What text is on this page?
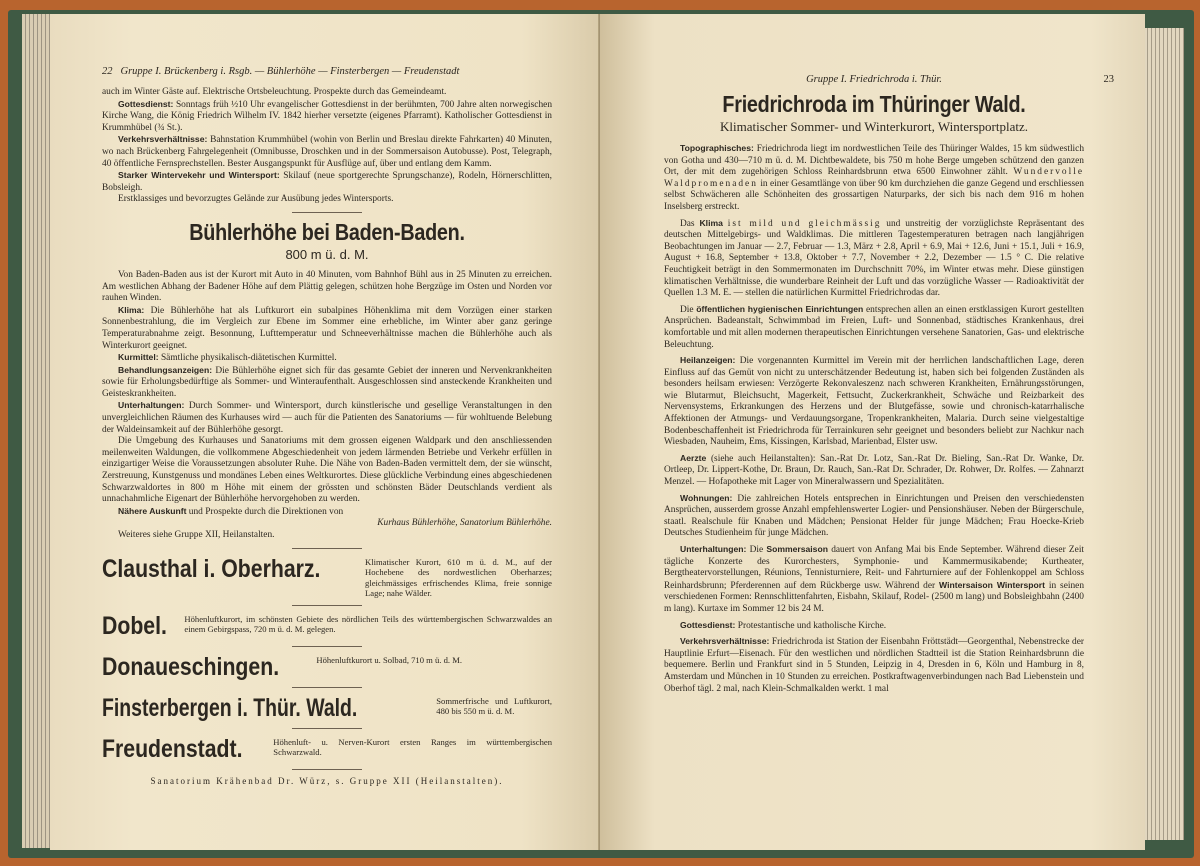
22 Gruppe I. Brückenberg i. Rsgb. — Bühlerhöhe — Finsterbergen — Freudenstadt

auch im Winter Gäste auf. Elektrische Ortsbeleuchtung. Prospekte durch das Gemeindeamt.

Gottesdienst: Sonntags früh ½10 Uhr evangelischer Gottesdienst in der berühmten, 700 Jahre alten norwegischen Kirche Wang, die König Friedrich Wilhelm IV. 1842 hierher versetzte (eigenes Pfarramt). Katholischer Gottesdienst in Krummhübel (¾ St.).

Verkehrsverhältnisse: Bahnstation Krummhübel (wohin von Berlin und Breslau direkte Fahrkarten) 40 Minuten, wo nach Brückenberg Fahrgelegenheit (Omnibusse, Droschken und in der Sommersaison Autobusse). Post, Telegraph, 40 öffentliche Fernsprechstellen. Bester Ausgangspunkt für Ausflüge auf, über und entlang dem Kamm.

Starker Wintervekehr und Wintersport: Skilauf (neue sportgerechte Sprungschanze), Rodeln, Hörnerschlitten, Bobsleigh.

Erstklassiges und bevorzugtes Gelände zur Ausübung jedes Wintersports.

Bühlerhöhe bei Baden-Baden.
800 m ü. d. M.

Von Baden-Baden aus ist der Kurort mit Auto in 40 Minuten, vom Bahnhof Bühl aus in 25 Minuten zu erreichen. Am westlichen Abhang der Badener Höhe auf dem Plättig gelegen, schützen hohe Bergzüge im Osten und Norden vor rauhen Winden.

Klima: Die Bühlerhöhe hat als Luftkurort ein subalpines Höhenklima mit dem Vorzügen einer starken Sonnenbestrahlung, die im Vergleich zur Ebene im Sommer eine erhebliche, im Winter aber ganz geringe Temperaturabnahme zeigt. Besonnung, Lufttemperatur und Schneeverhältnisse machen die Bühlerhöhe auch als Winterkurort geeignet.

Kurmittel: Sämtliche physikalisch-diätetischen Kurmittel.

Behandlungsanzeigen: Die Bühlerhöhe eignet sich für das gesamte Gebiet der inneren und Nervenkrankheiten sowie für Erholungsbedürftige als Sommer- und Winteraufenthalt. Ausgeschlossen sind ansteckende Krankheiten und Geisteskrankheiten.

Unterhaltungen: Durch Sommer- und Wintersport, durch künstlerische und gesellige Veranstaltungen in den unvergleichlichen Räumen des Kurhauses wird — auch für die Patienten des Sanatoriums — für wohltuende Belebung der Waldeinsamkeit auf der Bühlerhöhe gesorgt.

Die Umgebung des Kurhauses und Sanatoriums mit dem grossen eigenen Waldpark und den anschliessenden meilenweiten Waldungen, die vollkommene Abgeschiedenheit von jedem lärmenden Betriebe und Verkehr erfüllen in einzigartiger Weise die Voraussetzungen absoluter Ruhe. Die Nähe von Baden-Baden vermittelt dem, der sie wünscht, Zerstreuung, Kunstgenuss und mondänes Leben eines Weltkurortes. Diese glückliche Verbindung eines abgeschiedenen Schwarzwaldortes in 800 m Höhe mit einem der grössten und schönsten Bäder Deutschlands verdient als unnachahmliche Eigenart der Bühlerhöhe hervorgehoben zu werden.

Nähere Auskunft und Prospekte durch die Direktionen von

Kurhaus Bühlerhöhe, Sanatorium Bühlerhöhe.

Weiteres siehe Gruppe XII, Heilanstalten.

Clausthal i. Oberharz.	Klimatischer Kurort, 610 m ü. d. M., auf der Hochebene des nordwestlichen Oberharzes; gleichmässiges erfrischendes Klima, freie sonnige Lage; nahe Wälder.
Dobel. Höhenluftkurort, im schönsten Gebiete des nördlichen Teils des württembergischen Schwarzwaldes an einem Gebirgspass, 720 m ü. d. M. gelegen.
Donaueschingen.	Höhenluftkurort u. Solbad, 710 m ü. d. M.
Finsterbergen i. Thür. Wald.	Sommerfrische und Luftkurort, 480 bis 550 m ü. d. M.
Freudenstadt.	Höhenluft- u. Nerven-Kurort ersten Ranges im württembergischen Schwarzwald.

Sanatorium Krähenbad Dr. Würz, s. Gruppe XII (Heilanstalten).

Gruppe I. Friedrichroda i. Thür.	23
Friedrichroda im Thüringer Wald.
Klimatischer Sommer- und Winterkurort, Wintersportplatz.

Topographisches: Friedrichroda liegt im nordwestlichen Teile des Thüringer Waldes, 15 km südwestlich von Gotha und 430—710 m ü. d. M. Dichtbewaldete, bis 750 m hohe Berge umgeben schützend den ganzen Ort, der mit dem zugehörigen Schloss Reinhardsbrunn etwa 6500 Einwohner zählt. Wundervolle Waldpromenaden in einer Gesamtlänge von über 90 km durchziehen die ganze Gegend und erschliessen selbst Schwächeren alle Schönheiten des grossartigen Naturparks, der sich bis nach dem 916 m hohen Inselsberg erstreckt.

Das Klima ist mild und gleichmässig und unstreitig der vorzüglichste Repräsentant des deutschen Mittelgebirgs- und Waldklimas. Die mittleren Tagestemperaturen betragen nach langjährigen Beobachtungen im Januar — 2.7, Februar — 1.3, März + 2.8, April + 6.9, Mai + 12.6, Juni + 15.1, Juli + 16.9, August + 16.8, September + 13.8, Oktober + 7.7, November + 2.2, Dezember — 1.5 ° C. Die relative Feuchtigkeit beträgt in den Sommermonaten im Durchschnitt 70%, im Winter etwas mehr. Diese günstigen klimatischen Verhältnisse, die wunderbare Reinheit der Luft und das vorzügliche Wasser — Radioaktivität der Quellen 1.3 M. E. — stellen die natürlichen Kurmittel Friedrichrodas dar.

Die öffentlichen hygienischen Einrichtungen entsprechen allen an einen erstklassigen Kurort gestellten Ansprüchen. Badeanstalt, Schwimmbad im Freien, Luft- und Sonnenbad, städtisches Krankenhaus, drei komfortable und mit allen modernen therapeutischen Einrichtungen versehene Sanatorien, Gas- und elektrische Beleuchtung.

Heilanzeigen: Die vorgenannten Kurmittel im Verein mit der herrlichen landschaftlichen Lage, deren Einfluss auf das Gemüt von nicht zu unterschätzender Bedeutung ist, haben sich bei folgenden Zuständen als besonders heilsam erwiesen: Verzögerte Rekonvaleszenz nach schweren Krankheiten, Ernährungsstörungen, wie Blutarmut, Bleichsucht, Magerkeit, Fettsucht, Zuckerkrankheit, Schwäche und Reizbarkeit des Nervensystems, Erkrankungen des Herzens und der Blutgefässe, sowie und chronisch-katarrhalische Affektionen der Atmungs- und Verdauungsorgane, Tropenkrankheiten, Malaria. Durch seine vielgestaltige Bodenbeschaffenheit ist Friedrichroda für Terrainkuren sehr geeignet und besonders beliebt zur Nachkur nach Wiesbaden, Nauheim, Ems, Kissingen, Karlsbad, Marienbad, Elster usw.

Aerzte (siehe auch Heilanstalten): San.-Rat Dr. Lotz, San.-Rat Dr. Bieling, San.-Rat Dr. Wanke, Dr. Ortleep, Dr. Lippert-Kothe, Dr. Braun, Dr. Rauch, San.-Rat Dr. Schrader, Dr. Rohwer, Dr. Rolfes. — Zahnarzt Menzel. — Hofapotheke mit Lager von Mineralwassern und Spezialitäten.

Wohnungen: Die zahlreichen Hotels entsprechen in Einrichtungen und Preisen den verschiedensten Ansprüchen, ausserdem grosse Anzahl empfehlenswerter Logier- und Pensionshäuser. Neben der Bürgerschule, staatl. Realschule für Knaben und Mädchen; Pensionat Helder für junge Mädchen; Frau Hoecke-Krieb Deutsches Studienheim für junge Mädchen.

Unterhaltungen: Die Sommersaison dauert von Anfang Mai bis Ende September. Während dieser Zeit tägliche Konzerte des Kurorchesters, Symphonie- und Kammermusikabende; Kurtheater, Bergtheatervorstellungen, Réunions, Tennisturniere, Reit- und Fahrturniere auf der Fohlenkoppel am Schloss Reinhardsbrunn; Pferderennen auf dem Rückberge usw. Während der Wintersaison Wintersport in seinen verschiedenen Formen: Rennschlittenfahrten, Eisbahn, Skilauf, Rodel- (2500 m lang) und Bobsleighbahn (2400 m lang). Kurtaxe im Sommer 12 bis 24 M.

Gottesdienst: Protestantische und katholische Kirche.

Verkehrsverhältnisse: Friedrichroda ist Station der Eisenbahn Fröttstädt—Georgenthal, Nebenstrecke der Hauptlinie Erfurt—Eisenach. Für den westlichen und nördlichen Stadtteil ist die Station Reinhardsbrunn die bequemere. Berlin und Frankfurt sind in 5 Stunden, Leipzig in 4, Dresden in 6, Köln und Hamburg in 8, Amsterdam und München in 10 Stunden zu erreichen. Postkraftwagenverbindungen nach Bad Liebenstein und Oberhof tägl. 2 mal, nach Klein-Schmalkalden werkt. 1 mal
